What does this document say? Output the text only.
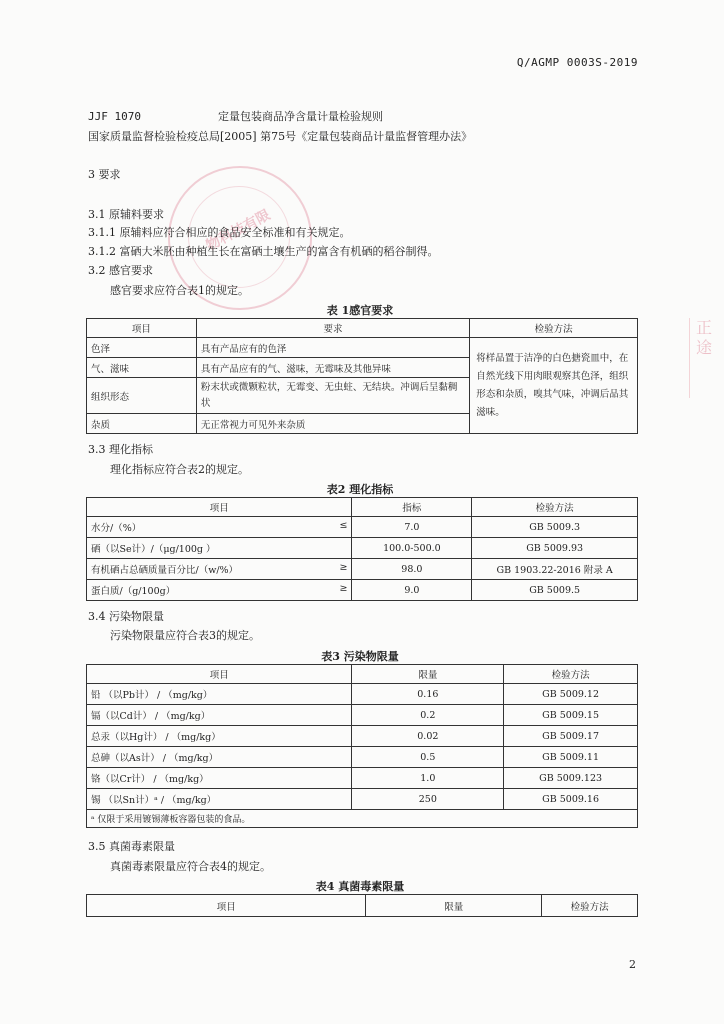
Q/AGMP 0003S-2019
JJF 1070	定量包装商品净含量计量检验规则
国家质量监督检验检疫总局[2005] 第75号《定量包装商品计量监督管理办法》
物科技有限
3 要求
3.1 原辅料要求
3.1.1 原辅料应符合相应的食品安全标准和有关规定。
3.1.2 富硒大米胚由种植生长在富硒土壤生产的富含有机硒的稻谷制得。
3.2 感官要求
感官要求应符合表1的规定。
表 1感官要求
项目	要求	检验方法
色泽	具有产品应有的色泽	将样品置于洁净的白色搪瓷皿中，在自然光线下用肉眼观察其色泽，组织形态和杂质，嗅其气味，冲调后品其滋味。
气、滋味	具有产品应有的气、滋味，无霉味及其他异味	
组织形态	粉末状或微颗粒状，无霉变、无虫蛀、无结块。冲调后呈黏稠状	
杂质	无正常视力可见外来杂质	
正
途
3.3 理化指标
理化指标应符合表2的规定。
表2 理化指标
项目	指标	检验方法
水分/（%） ≤	7.0	GB 5009.3
硒（以Se计）/（μg/100g ）	100.0-500.0	GB 5009.93
有机硒占总硒质量百分比/（w/%） ≥	98.0	GB 1903.22-2016 附录 A
蛋白质/（g/100g） ≥	9.0	GB 5009.5
3.4 污染物限量
污染物限量应符合表3的规定。
表3 污染物限量
项目	限量	检验方法
铅 （以Pb计） / （mg/kg）	0.16	GB 5009.12
镉（以Cd计） / （mg/kg）	0.2	GB 5009.15
总汞（以Hg计） / （mg/kg）	0.02	GB 5009.17
总砷（以As计） / （mg/kg）	0.5	GB 5009.11
铬（以Cr计） / （mg/kg）	1.0	GB 5009.123
锡 （以Sn计）ᵃ / （mg/kg）	250	GB 5009.16
ᵃ 仅限于采用镀锡薄板容器包装的食品。		
3.5 真菌毒素限量
真菌毒素限量应符合表4的规定。
表4 真菌毒素限量
项目	限量	检验方法
2
